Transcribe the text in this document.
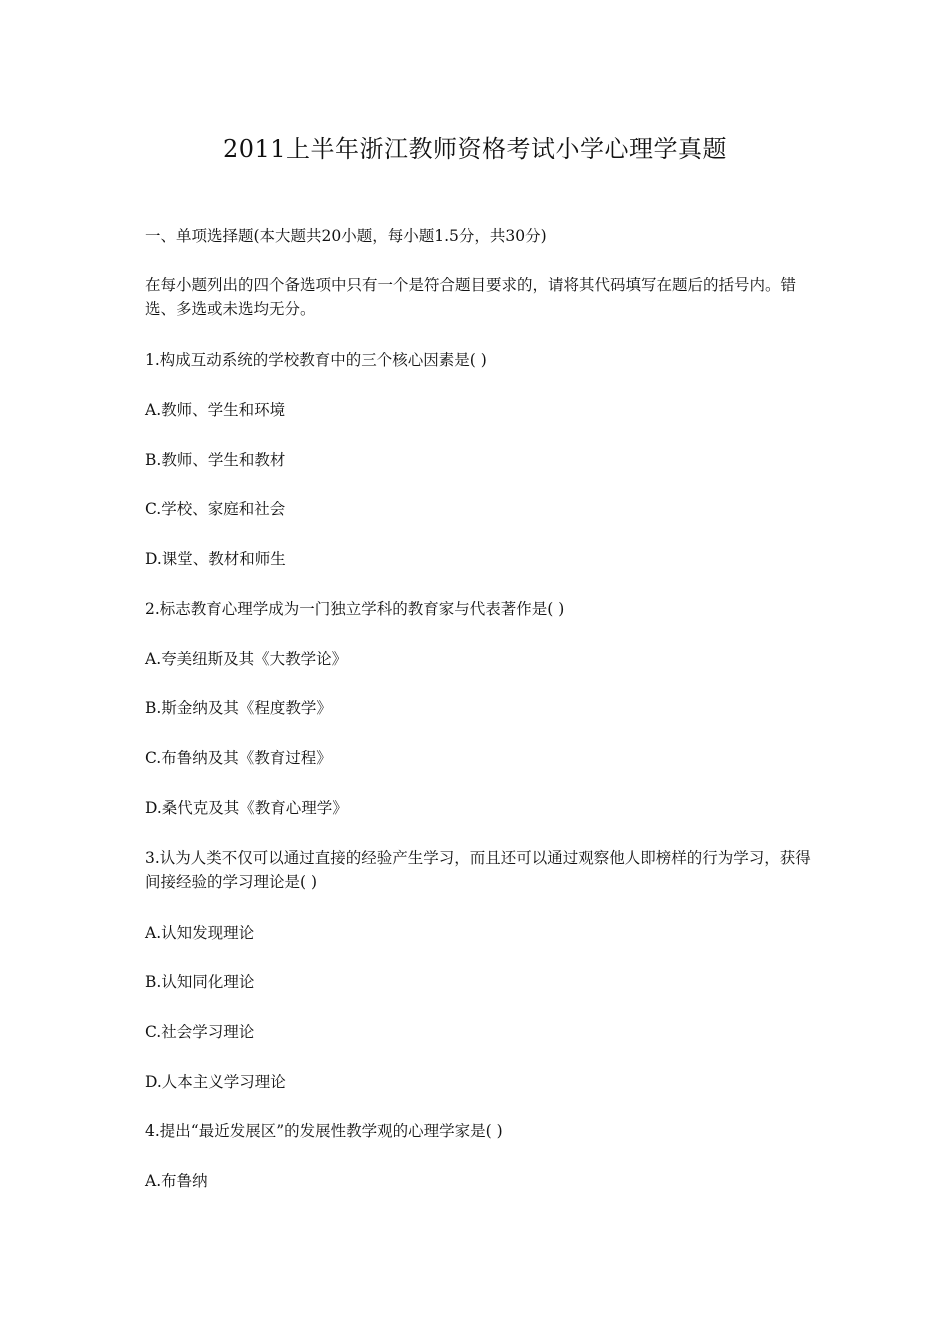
2011上半年浙江教师资格考试小学心理学真题
一、单项选择题(本大题共20小题，每小题1.5分，共30分)
在每小题列出的四个备选项中只有一个是符合题目要求的，请将其代码填写在题后的括号内。错选、多选或未选均无分。
1.构成互动系统的学校教育中的三个核心因素是( )
A.教师、学生和环境
B.教师、学生和教材
C.学校、家庭和社会
D.课堂、教材和师生
2.标志教育心理学成为一门独立学科的教育家与代表著作是( )
A.夸美纽斯及其《大教学论》
B.斯金纳及其《程度教学》
C.布鲁纳及其《教育过程》
D.桑代克及其《教育心理学》
3.认为人类不仅可以通过直接的经验产生学习，而且还可以通过观察他人即榜样的行为学习，获得间接经验的学习理论是( )
A.认知发现理论
B.认知同化理论
C.社会学习理论
D.人本主义学习理论
4.提出“最近发展区”的发展性教学观的心理学家是( )
A.布鲁纳
